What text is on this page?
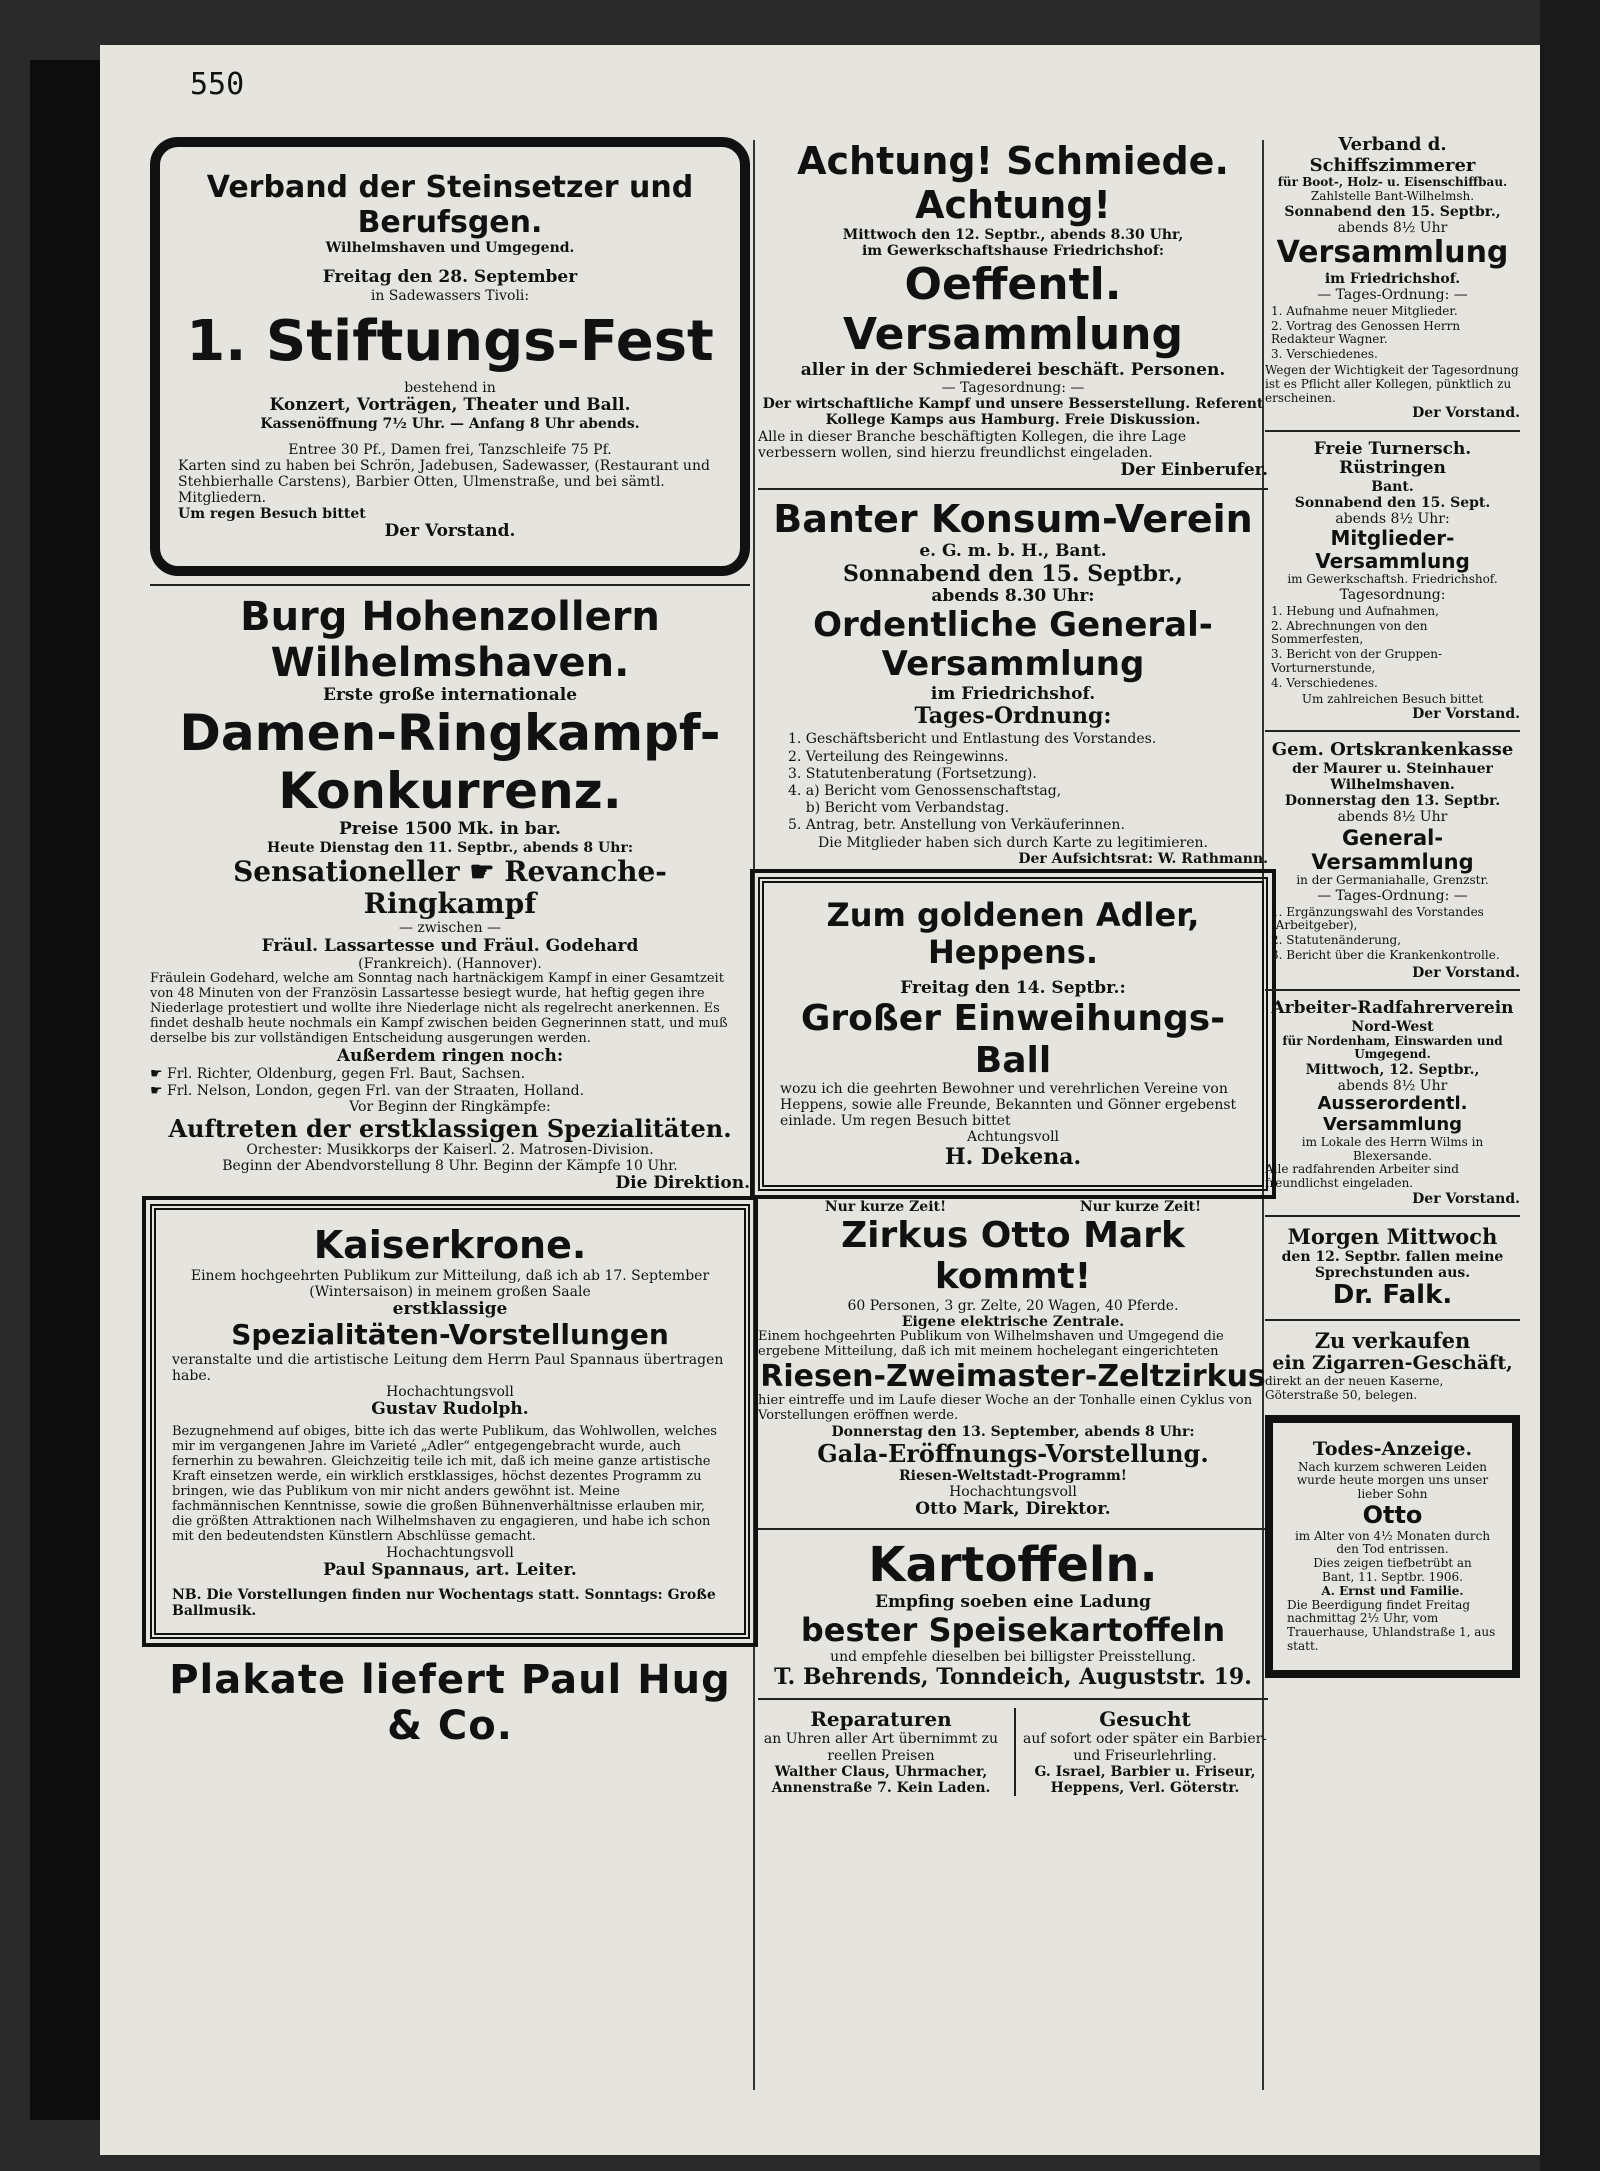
550
Verband der Steinsetzer und Berufsgen.
Wilhelmshaven und Umgegend.
Freitag den 28. September
in Sadewassers Tivoli:
1. Stiftungs-Fest
bestehend in
Konzert, Vorträgen, Theater und Ball.
Kassenöffnung 7½ Uhr. — Anfang 8 Uhr abends.
Entree 30 Pf., Damen frei, Tanzschleife 75 Pf.
Karten sind zu haben bei Schrön, Jadebusen, Sadewasser, (Restaurant und Stehbierhalle Carstens), Barbier Otten, Ulmenstraße, und bei sämtl. Mitgliedern.
Um regen Besuch bittet
Der Vorstand.
Burg Hohenzollern Wilhelmshaven.
Erste große internationale
Damen-Ringkampf-Konkurrenz.
Preise 1500 Mk. in bar.
Heute Dienstag den 11. Septbr., abends 8 Uhr:
Sensationeller ☛ Revanche-Ringkampf
— zwischen —
Fräul. Lassartesse und Fräul. Godehard
(Frankreich). (Hannover).
Fräulein Godehard, welche am Sonntag nach hartnäckigem Kampf in einer Gesamtzeit von 48 Minuten von der Französin Lassartesse besiegt wurde, hat heftig gegen ihre Niederlage protestiert und wollte ihre Niederlage nicht als regelrecht anerkennen. Es findet deshalb heute nochmals ein Kampf zwischen beiden Gegnerinnen statt, und muß derselbe bis zur vollständigen Entscheidung ausgerungen werden.
Außerdem ringen noch:
☛ Frl. Richter, Oldenburg, gegen Frl. Baut, Sachsen.
☛ Frl. Nelson, London, gegen Frl. van der Straaten, Holland.
Vor Beginn der Ringkämpfe:
Auftreten der erstklassigen Spezialitäten.
Orchester: Musikkorps der Kaiserl. 2. Matrosen-Division.
Beginn der Abendvorstellung 8 Uhr. Beginn der Kämpfe 10 Uhr.
Die Direktion.
Kaiserkrone.
Einem hochgeehrten Publikum zur Mitteilung, daß ich ab 17. September (Wintersaison) in meinem großen Saale
erstklassige
Spezialitäten-Vorstellungen
veranstalte und die artistische Leitung dem Herrn Paul Spannaus übertragen habe.
Hochachtungsvoll
Gustav Rudolph.
Bezugnehmend auf obiges, bitte ich das werte Publikum, das Wohlwollen, welches mir im vergangenen Jahre im Varieté „Adler“ entgegengebracht wurde, auch fernerhin zu bewahren. Gleichzeitig teile ich mit, daß ich meine ganze artistische Kraft einsetzen werde, ein wirklich erstklassiges, höchst dezentes Programm zu bringen, wie das Publikum von mir nicht anders gewöhnt ist. Meine fachmännischen Kenntnisse, sowie die großen Bühnenverhältnisse erlauben mir, die größten Attraktionen nach Wilhelmshaven zu engagieren, und habe ich schon mit den bedeutendsten Künstlern Abschlüsse gemacht.
Hochachtungsvoll
Paul Spannaus, art. Leiter.
NB. Die Vorstellungen finden nur Wochentags statt. Sonntags: Große Ballmusik.
Plakate liefert Paul Hug & Co.
Achtung! Schmiede. Achtung!
Mittwoch den 12. Septbr., abends 8.30 Uhr,
im Gewerkschaftshause Friedrichshof:
Oeffentl. Versammlung
aller in der Schmiederei beschäft. Personen.
— Tagesordnung: —
Der wirtschaftliche Kampf und unsere Besserstellung. Referent Kollege Kamps aus Hamburg. Freie Diskussion.
Alle in dieser Branche beschäftigten Kollegen, die ihre Lage verbessern wollen, sind hierzu freundlichst eingeladen.
Der Einberufer.
Banter Konsum-Verein
e. G. m. b. H., Bant.
Sonnabend den 15. Septbr.,
abends 8.30 Uhr:
Ordentliche General-Versammlung
im Friedrichshof.
Tages-Ordnung:
1. Geschäftsbericht und Entlastung des Vorstandes.
2. Verteilung des Reingewinns.
3. Statutenberatung (Fortsetzung).
4. a) Bericht vom Genossenschaftstag,
b) Bericht vom Verbandstag.
5. Antrag, betr. Anstellung von Verkäuferinnen.
Die Mitglieder haben sich durch Karte zu legitimieren.
Der Aufsichtsrat: W. Rathmann.
Zum goldenen Adler, Heppens.
Freitag den 14. Septbr.:
Großer Einweihungs-Ball
wozu ich die geehrten Bewohner und verehrlichen Vereine von Heppens, sowie alle Freunde, Bekannten und Gönner ergebenst einlade. Um regen Besuch bittet
Achtungsvoll
H. Dekena.
Nur kurze Zeit!	Nur kurze Zeit!
Zirkus Otto Mark kommt!
60 Personen, 3 gr. Zelte, 20 Wagen, 40 Pferde.
Eigene elektrische Zentrale.
Einem hochgeehrten Publikum von Wilhelmshaven und Umgegend die ergebene Mitteilung, daß ich mit meinem hochelegant eingerichteten
Riesen-Zweimaster-Zeltzirkus
hier eintreffe und im Laufe dieser Woche an der Tonhalle einen Cyklus von Vorstellungen eröffnen werde.
Donnerstag den 13. September, abends 8 Uhr:
Gala-Eröffnungs-Vorstellung.
Riesen-Weltstadt-Programm!
Hochachtungsvoll
Otto Mark, Direktor.
Kartoffeln.
Empfing soeben eine Ladung
bester Speisekartoffeln
und empfehle dieselben bei billigster Preisstellung.
T. Behrends, Tonndeich, Auguststr. 19.
Reparaturen
an Uhren aller Art übernimmt zu reellen Preisen
Walther Claus, Uhrmacher, Annenstraße 7. Kein Laden.
Gesucht
auf sofort oder später ein Barbier- und Friseurlehrling.
G. Israel, Barbier u. Friseur, Heppens, Verl. Göterstr.
Verband d. Schiffszimmerer
für Boot-, Holz- u. Eisenschiffbau.
Zahlstelle Bant-Wilhelmsh.
Sonnabend den 15. Septbr.,
abends 8½ Uhr
Versammlung
im Friedrichshof.
— Tages-Ordnung: —
1. Aufnahme neuer Mitglieder.
2. Vortrag des Genossen Herrn Redakteur Wagner.
3. Verschiedenes.
Wegen der Wichtigkeit der Tagesordnung ist es Pflicht aller Kollegen, pünktlich zu erscheinen.
Der Vorstand.
Freie Turnersch. Rüstringen
Bant.
Sonnabend den 15. Sept.
abends 8½ Uhr:
Mitglieder-Versammlung
im Gewerkschaftsh. Friedrichshof.
Tagesordnung:
1. Hebung und Aufnahmen,
2. Abrechnungen von den Sommerfesten,
3. Bericht von der Gruppen-Vorturnerstunde,
4. Verschiedenes.
Um zahlreichen Besuch bittet
Der Vorstand.
Gem. Ortskrankenkasse
der Maurer u. Steinhauer
Wilhelmshaven.
Donnerstag den 13. Septbr.
abends 8½ Uhr
General-Versammlung
in der Germaniahalle, Grenzstr.
— Tages-Ordnung: —
1. Ergänzungswahl des Vorstandes (Arbeitgeber),
2. Statutenänderung,
3. Bericht über die Krankenkontrolle.
Der Vorstand.
Arbeiter-Radfahrerverein
Nord-West
für Nordenham, Einswarden und Umgegend.
Mittwoch, 12. Septbr.,
abends 8½ Uhr
Ausserordentl. Versammlung
im Lokale des Herrn Wilms in Blexersande.
Alle radfahrenden Arbeiter sind freundlichst eingeladen.
Der Vorstand.
Morgen Mittwoch
den 12. Septbr. fallen meine Sprechstunden aus.
Dr. Falk.
Zu verkaufen
ein Zigarren-Geschäft,
direkt an der neuen Kaserne, Göterstraße 50, belegen.
Todes-Anzeige.
Nach kurzem schweren Leiden wurde heute morgen uns unser lieber Sohn
Otto
im Alter von 4½ Monaten durch den Tod entrissen.
Dies zeigen tiefbetrübt an
Bant, 11. Septbr. 1906.
A. Ernst und Familie.
Die Beerdigung findet Freitag nachmittag 2½ Uhr, vom Trauerhause, Uhlandstraße 1, aus statt.
